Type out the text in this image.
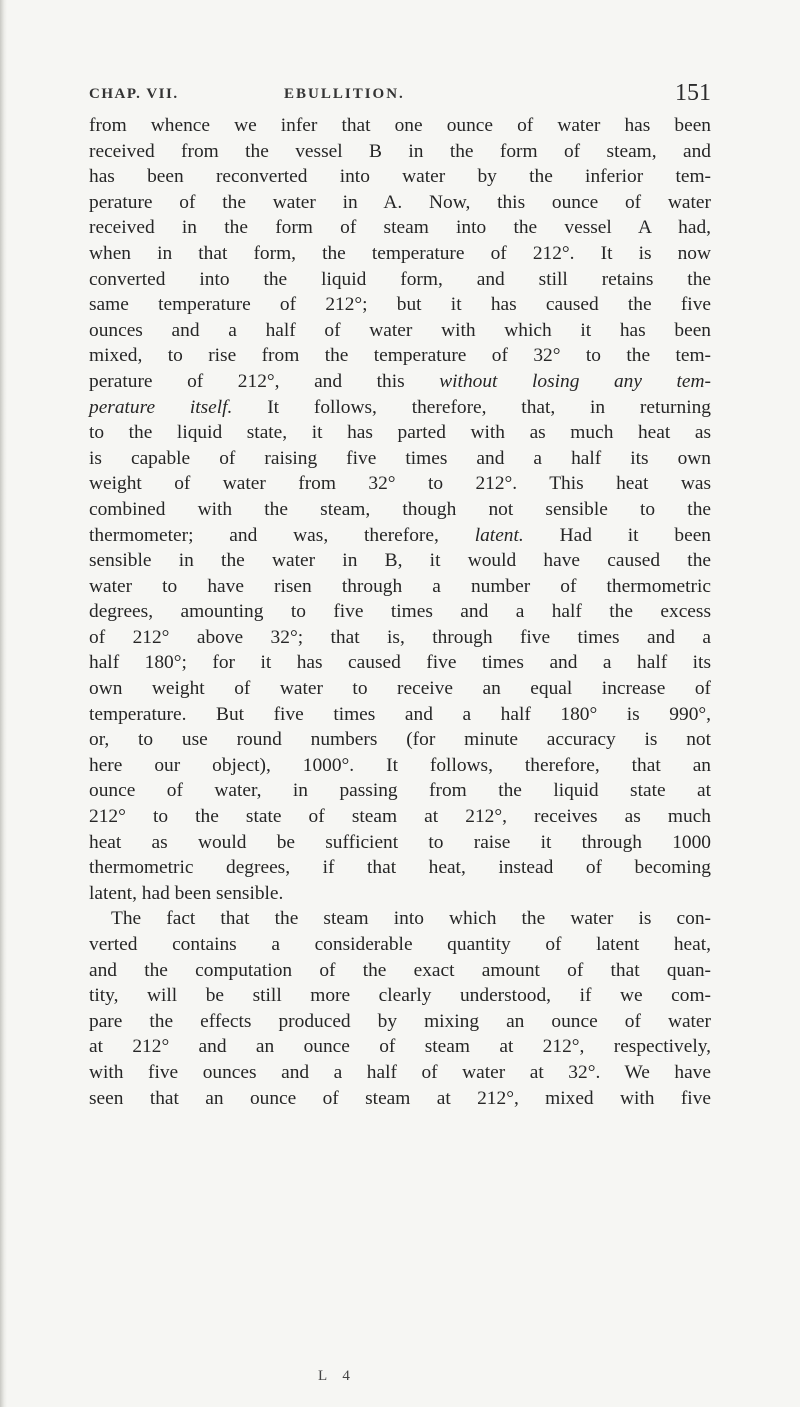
CHAP. VII.	EBULLITION.	151
from whence we infer that one ounce of water has been
received from the vessel B in the form of steam, and
has been reconverted into water by the inferior tem-
perature of the water in A. Now, this ounce of water
received in the form of steam into the vessel A had,
when in that form, the temperature of 212°. It is now
converted into the liquid form, and still retains the
same temperature of 212°; but it has caused the five
ounces and a half of water with which it has been
mixed, to rise from the temperature of 32° to the tem-
perature of 212°, and this without losing any tem-
perature itself. It follows, therefore, that, in returning
to the liquid state, it has parted with as much heat as
is capable of raising five times and a half its own
weight of water from 32° to 212°. This heat was
combined with the steam, though not sensible to the
thermometer; and was, therefore, latent. Had it been
sensible in the water in B, it would have caused the
water to have risen through a number of thermometric
degrees, amounting to five times and a half the excess
of 212° above 32°; that is, through five times and a
half 180°; for it has caused five times and a half its
own weight of water to receive an equal increase of
temperature. But five times and a half 180° is 990°,
or, to use round numbers (for minute accuracy is not
here our object), 1000°. It follows, therefore, that an
ounce of water, in passing from the liquid state at
212° to the state of steam at 212°, receives as much
heat as would be sufficient to raise it through 1000
thermometric degrees, if that heat, instead of becoming
latent, had been sensible.
The fact that the steam into which the water is con-
verted contains a considerable quantity of latent heat,
and the computation of the exact amount of that quan-
tity, will be still more clearly understood, if we com-
pare the effects produced by mixing an ounce of water
at 212° and an ounce of steam at 212°, respectively,
with five ounces and a half of water at 32°. We have
seen that an ounce of steam at 212°, mixed with five
L 4
